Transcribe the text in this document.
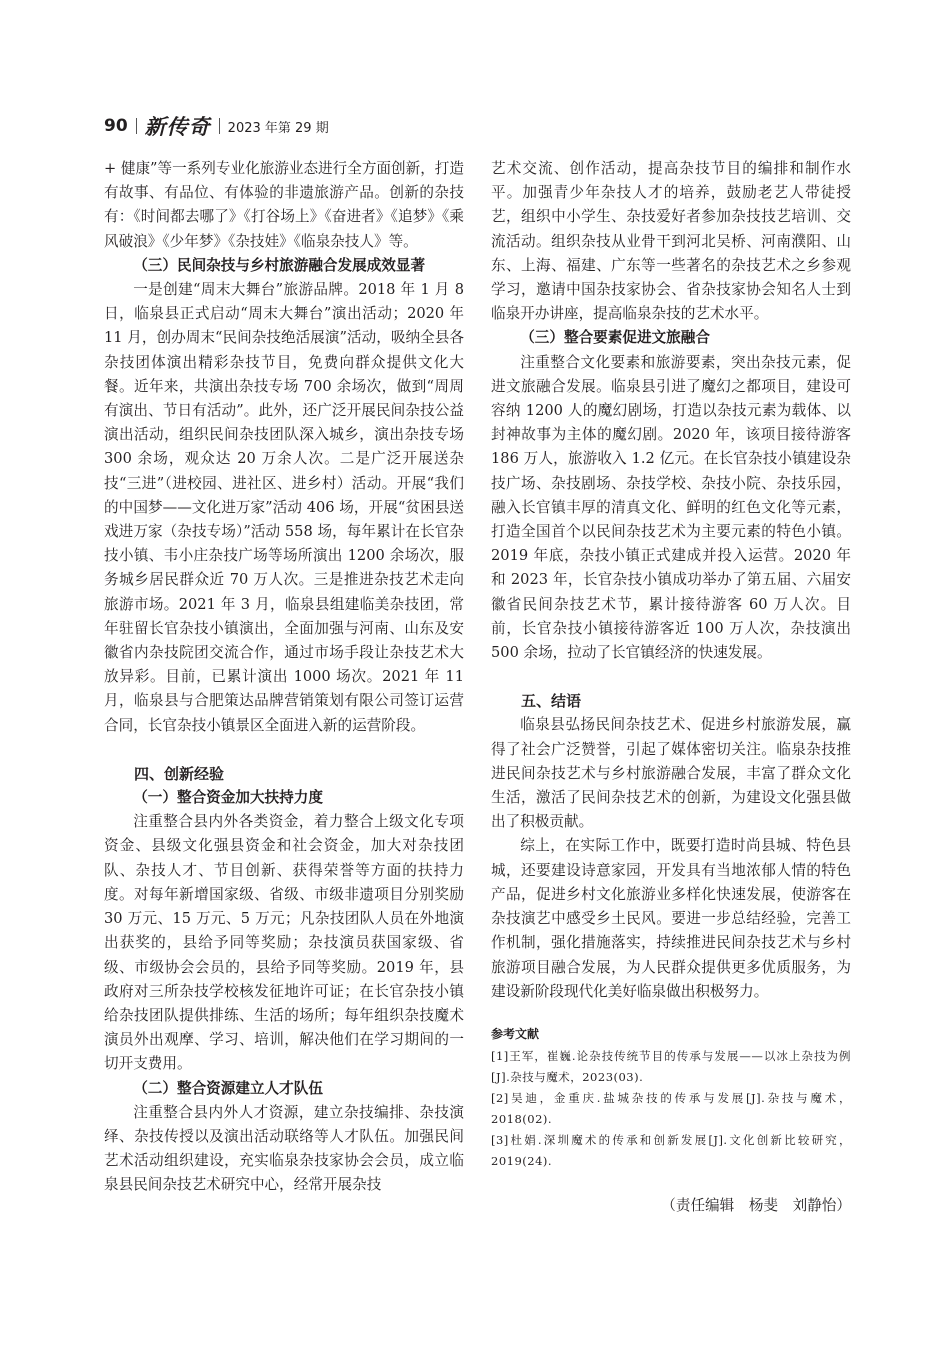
90 新传奇 2023 年第 29 期

+ 健康”等一系列专业化旅游业态进行全方面创新，打造有故事、有品位、有体验的非遗旅游产品。创新的杂技有：《时间都去哪了》《打谷场上》《奋进者》《追梦》《乘风破浪》《少年梦》《杂技娃》《临泉杂技人》等。

（三）民间杂技与乡村旅游融合发展成效显著

一是创建“周末大舞台”旅游品牌。2018 年 1 月 8 日，临泉县正式启动“周末大舞台”演出活动；2020 年 11 月，创办周末“民间杂技绝活展演”活动，吸纳全县各杂技团体演出精彩杂技节目，免费向群众提供文化大餐。近年来，共演出杂技专场 700 余场次，做到“周周有演出、节日有活动”。此外，还广泛开展民间杂技公益演出活动，组织民间杂技团队深入城乡，演出杂技专场 300 余场，观众达 20 万余人次。二是广泛开展送杂技“三进”（进校园、进社区、进乡村）活动。开展“我们的中国梦——文化进万家”活动 406 场，开展“贫困县送戏进万家（杂技专场）”活动 558 场，每年累计在长官杂技小镇、韦小庄杂技广场等场所演出 1200 余场次，服务城乡居民群众近 70 万人次。三是推进杂技艺术走向旅游市场。2021 年 3 月，临泉县组建临美杂技团，常年驻留长官杂技小镇演出，全面加强与河南、山东及安徽省内杂技院团交流合作，通过市场手段让杂技艺术大放异彩。目前，已累计演出 1000 场次。2021 年 11 月，临泉县与合肥策达品牌营销策划有限公司签订运营合同，长官杂技小镇景区全面进入新的运营阶段。

四、创新经验
（一）整合资金加大扶持力度

注重整合县内外各类资金，着力整合上级文化专项资金、县级文化强县资金和社会资金，加大对杂技团队、杂技人才、节目创新、获得荣誉等方面的扶持力度。对每年新增国家级、省级、市级非遗项目分别奖励 30 万元、15 万元、5 万元；凡杂技团队人员在外地演出获奖的，县给予同等奖励；杂技演员获国家级、省级、市级协会会员的，县给予同等奖励。2019 年，县政府对三所杂技学校核发征地许可证；在长官杂技小镇给杂技团队提供排练、生活的场所；每年组织杂技魔术演员外出观摩、学习、培训，解决他们在学习期间的一切开支费用。

（二）整合资源建立人才队伍

注重整合县内外人才资源，建立杂技编排、杂技演绎、杂技传授以及演出活动联络等人才队伍。加强民间艺术活动组织建设，充实临泉杂技家协会会员，成立临泉县民间杂技艺术研究中心，经常开展杂技

艺术交流、创作活动，提高杂技节目的编排和制作水平。加强青少年杂技人才的培养，鼓励老艺人带徒授艺，组织中小学生、杂技爱好者参加杂技技艺培训、交流活动。组织杂技从业骨干到河北吴桥、河南濮阳、山东、上海、福建、广东等一些著名的杂技艺术之乡参观学习，邀请中国杂技家协会、省杂技家协会知名人士到临泉开办讲座，提高临泉杂技的艺术水平。

（三）整合要素促进文旅融合

注重整合文化要素和旅游要素，突出杂技元素，促进文旅融合发展。临泉县引进了魔幻之都项目，建设可容纳 1200 人的魔幻剧场，打造以杂技元素为载体、以封神故事为主体的魔幻剧。2020 年，该项目接待游客 186 万人，旅游收入 1.2 亿元。在长官杂技小镇建设杂技广场、杂技剧场、杂技学校、杂技小院、杂技乐园，融入长官镇丰厚的清真文化、鲜明的红色文化等元素，打造全国首个以民间杂技艺术为主要元素的特色小镇。2019 年底，杂技小镇正式建成并投入运营。2020 年和 2023 年，长官杂技小镇成功举办了第五届、六届安徽省民间杂技艺术节，累计接待游客 60 万人次。目前，长官杂技小镇接待游客近 100 万人次，杂技演出 500 余场，拉动了长官镇经济的快速发展。

五、结语

临泉县弘扬民间杂技艺术、促进乡村旅游发展，赢得了社会广泛赞誉，引起了媒体密切关注。临泉杂技推进民间杂技艺术与乡村旅游融合发展，丰富了群众文化生活，激活了民间杂技艺术的创新，为建设文化强县做出了积极贡献。

综上，在实际工作中，既要打造时尚县城、特色县城，还要建设诗意家园，开发具有当地浓郁人情的特色产品，促进乡村文化旅游业多样化快速发展，使游客在杂技演艺中感受乡土民风。要进一步总结经验，完善工作机制，强化措施落实，持续推进民间杂技艺术与乡村旅游项目融合发展，为人民群众提供更多优质服务，为建设新阶段现代化美好临泉做出积极努力。

参考文献

[1]王军，崔巍.论杂技传统节目的传承与发展——以冰上杂技为例[J].杂技与魔术，2023(03).

[2]吴迪，金重庆.盐城杂技的传承与发展[J].杂技与魔术，2018(02).

[3]杜娟.深圳魔术的传承和创新发展[J].文化创新比较研究，2019(24).

（责任编辑　杨斐　刘静怡）
